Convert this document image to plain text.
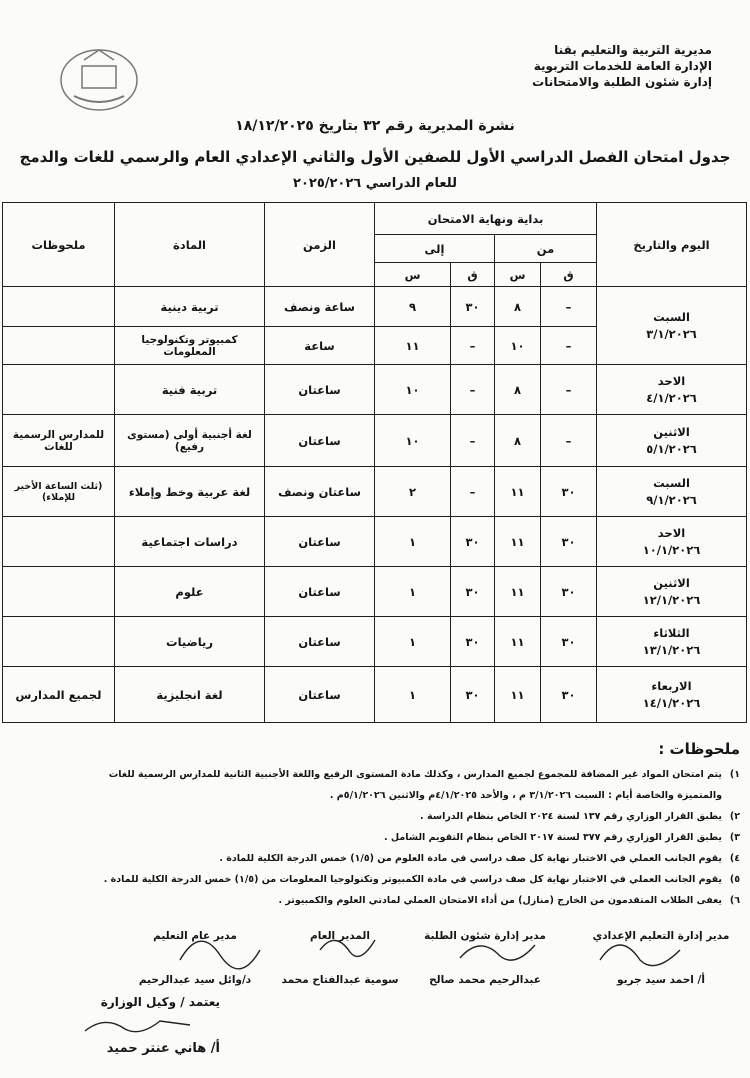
مديرية التربية والتعليم بقنا
الإدارة العامة للخدمات التربوية
إدارة شئون الطلبة والامتحانات
نشرة المديرية رقم ٣٢ بتاريخ ١٨/١٢/٢٠٢٥
جدول امتحان الفصل الدراسي الأول للصفين الأول والثاني الإعدادي العام والرسمي للغات والدمج
للعام الدراسي ٢٠٢٥/٢٠٢٦
اليوم والتاريخ	بداية ونهاية الامتحان				الزمن	المادة	ملحوظات
	من		إلى				
	ق	س	ق	س			

السبت
٣/١/٢٠٢٦	–	٨	٣٠	٩	ساعة ونصف	تربية دينية	
	–	١٠	–	١١	ساعة	كمبيوتر وتكنولوجيا المعلومات	

الاحد
٤/١/٢٠٢٦	–	٨	–	١٠	ساعتان	تربية فنية	

الاثنين
٥/١/٢٠٢٦	–	٨	–	١٠	ساعتان	لغة أجنبية أولى (مستوى رفيع)	للمدارس الرسمية للغات

السبت
٩/١/٢٠٢٦	٣٠	١١	–	٢	ساعتان ونصف	لغة عربية وخط وإملاء	(ثلث الساعة الأخير للإملاء)

الاحد
١٠/١/٢٠٢٦	٣٠	١١	٣٠	١	ساعتان	دراسات اجتماعية	

الاثنين
١٢/١/٢٠٢٦	٣٠	١١	٣٠	١	ساعتان	علوم	

الثلاثاء
١٣/١/٢٠٢٦	٣٠	١١	٣٠	١	ساعتان	رياضيات	

الاربعاء
١٤/١/٢٠٢٦	٣٠	١١	٣٠	١	ساعتان	لغة انجليزية	لجميع المدارس
ملحوظات :
١)يتم امتحان المواد غير المضافة للمجموع لجميع المدارس ، وكذلك مادة المستوى الرفيع واللغة الأجنبية الثانية للمدارس الرسمية للغات
والمتميزة والخاصة أيام : السبت ٣/١/٢٠٢٦ م ، والأحد ٤/١/٢٠٢٥م والاثنين ٥/١/٢٠٢٦م .
٢)يطبق القرار الوزاري رقم ١٣٧ لسنة ٢٠٢٤ الخاص بنظام الدراسة .
٣)يطبق القرار الوزاري رقم ٣٧٧ لسنة ٢٠١٧ الخاص بنظام التقويم الشامل .
٤)يقوم الجانب العملي في الاختبار نهاية كل صف دراسي في مادة العلوم من (١/٥) خمس الدرجة الكلية للمادة .
٥)يقوم الجانب العملي في الاختبار نهاية كل صف دراسي في مادة الكمبيوتر وتكنولوجيا المعلومات من (١/٥) خمس الدرجة الكلية للمادة .
٦)يعفى الطلاب المتقدمون من الخارج (منازل) من أداء الامتحان العملي لمادتي العلوم والكمبيوتر .
مدير إدارة التعليم الإعدادي
أ/ احمد سيد جريو
مدير إدارة شئون الطلبة
عبدالرحيم محمد صالح
المدير العام
سومية عبدالفتاح محمد
مدير عام التعليم
د/وائل سيد عبدالرحيم
يعتمد / وكيل الوزارة
أ/ هاني عنتر حميد
